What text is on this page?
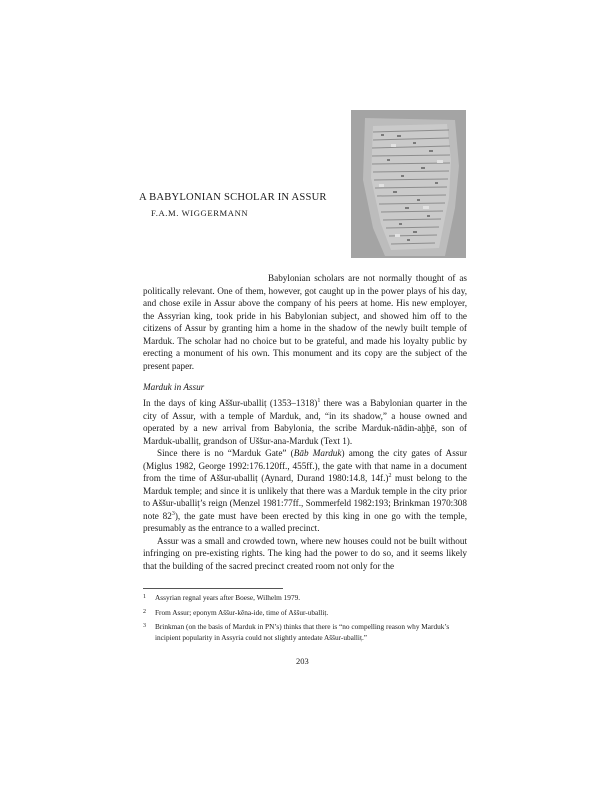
A BABYLONIAN SCHOLAR IN ASSUR
F.A.M. WIGGERMANN

Babylonian scholars are not normally thought of as politically relevant. One of them, however, got caught up in the power plays of his day, and chose exile in Assur above the company of his peers at home. His new employer, the Assyrian king, took pride in his Babylonian subject, and showed him off to the citizens of Assur by granting him a home in the shadow of the newly built temple of Marduk. The scholar had no choice but to be grateful, and made his loyalty public by erecting a monument of his own. This monument and its copy are the subject of the present paper.

Marduk in Assur

In the days of king Aššur-uballiṭ (1353–1318)$^1$ there was a Babylonian quarter in the city of Assur, with a temple of Marduk, and, “in its shadow,” a house owned and operated by a new arrival from Babylonia, the scribe Marduk-nādin-aḫḫē, son of Marduk-uballiṭ, grandson of Uššur-ana-Marduk (Text 1).

Since there is no “Marduk Gate” (Bāb Marduk) among the city gates of Assur (Miglus 1982, George 1992:176.120ff., 455ff.), the gate with that name in a document from the time of Aššur-uballiṭ (Aynard, Durand 1980:14.8, 14f.)$^2$ must belong to the Marduk temple; and since it is unlikely that there was a Marduk temple in the city prior to Aššur-uballiṭ’s reign (Menzel 1981:77ff., Sommerfeld 1982:193; Brinkman 1970:308 note $82^3$), the gate must have been erected by this king in one go with the temple, presumably as the entrance to a walled precinct.

Assur was a small and crowded town, where new houses could not be built without infringing on pre-existing rights. The king had the power to do so, and it seems likely that the building of the sacred precinct created room not only for the

1 Assyrian regnal years after Boese, Wilhelm 1979.
2 From Assur; eponym Aššur-kēna-ide, time of Aššur-uballiṭ.
3 Brinkman (on the basis of Marduk in PN’s) thinks that there is “no compelling reason why Marduk’s incipient popularity in Assyria could not slightly antedate Aššur-uballiṭ.”
203
